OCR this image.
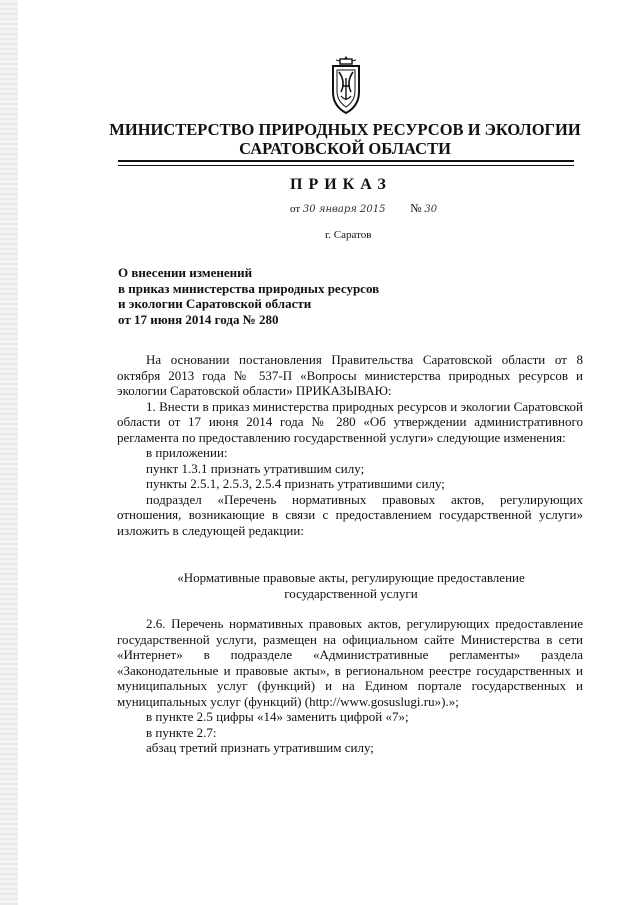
МИНИСТЕРСТВО ПРИРОДНЫХ РЕСУРСОВ И ЭКОЛОГИИ
САРАТОВСКОЙ ОБЛАСТИ
ПРИКАЗ
от 30 января 2015 № 30
г. Саратов
О внесении изменений
в приказ министерства природных ресурсов
и экологии Саратовской области
от 17 июня 2014 года № 280

На основании постановления Правительства Саратовской области от 8 октября 2013 года № 537-П «Вопросы министерства природных ресурсов и экологии Саратовской области» ПРИКАЗЫВАЮ:

1. Внести в приказ министерства природных ресурсов и экологии Саратовской области от 17 июня 2014 года № 280 «Об утверждении административного регламента по предоставлению государственной услуги» следующие изменения:

в приложении:

пункт 1.3.1 признать утратившим силу;

пункты 2.5.1, 2.5.3, 2.5.4 признать утратившими силу;

подраздел «Перечень нормативных правовых актов, регулирующих отношения, возникающие в связи с предоставлением государственной услуги» изложить в следующей редакции:

«Нормативные правовые акты, регулирующие предоставление
государственной услуги

2.6. Перечень нормативных правовых актов, регулирующих предоставление государственной услуги, размещен на официальном сайте Министерства в сети «Интернет» в подразделе «Административные регламенты» раздела «Законодательные и правовые акты», в региональном реестре государственных и муниципальных услуг (функций) и на Едином портале государственных и муниципальных услуг (функций) (http://www.gosuslugi.ru»).»;

в пункте 2.5 цифры «14» заменить цифрой «7»;

в пункте 2.7:

абзац третий признать утратившим силу;
